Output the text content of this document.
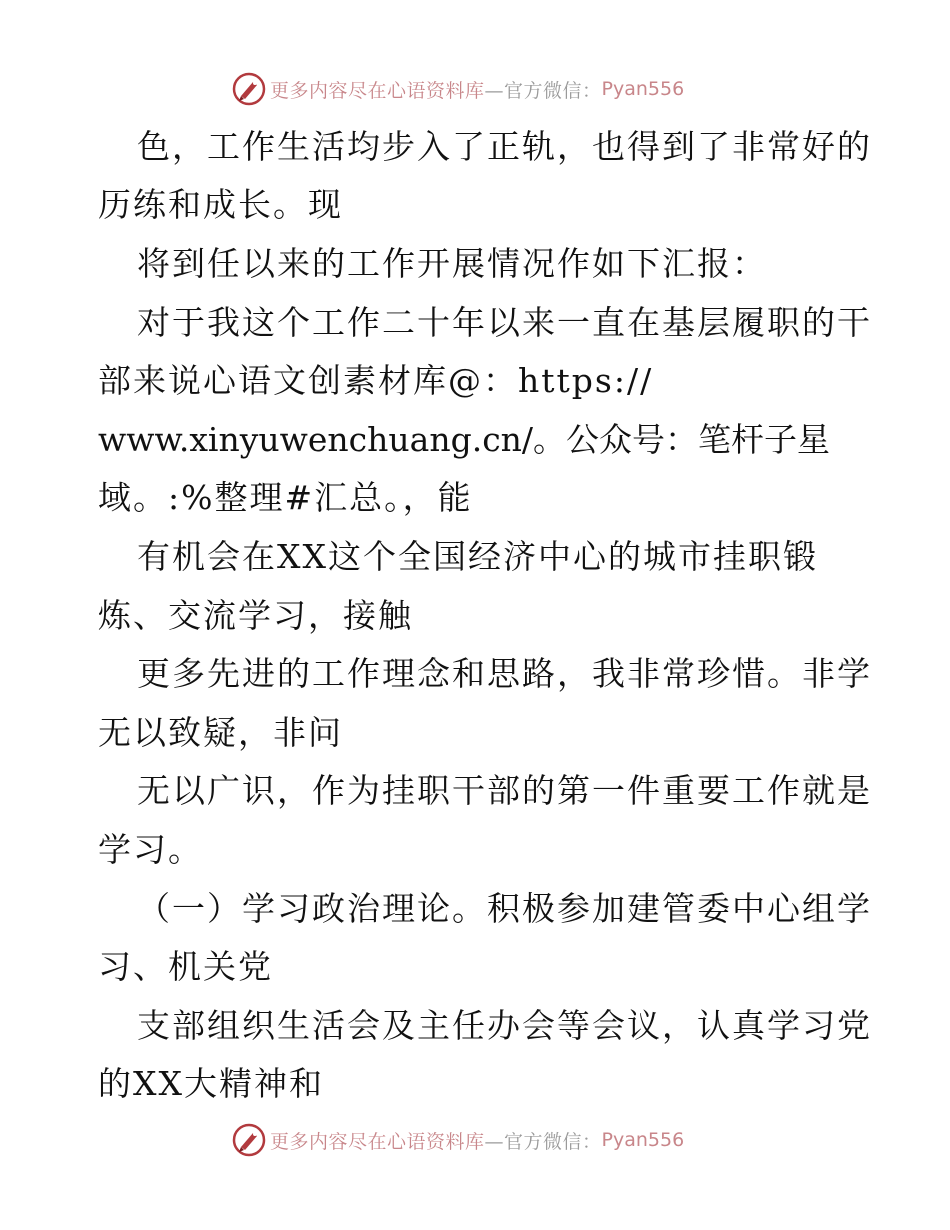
更多内容尽在心语资料库 —官方微信： Pyan556
色，工作生活均步入了正轨，也得到了非常好的
历练和成长。现
将到任以来的工作开展情况作如下汇报：
对于我这个工作二十年以来一直在基层履职的干
部来说心语文创素材库@：https://
www.xinyuwenchuang.cn/。公众号：笔杆子星
域。:%整理#汇总。，能
有机会在XX这个全国经济中心的城市挂职锻
炼、交流学习，接触
更多先进的工作理念和思路，我非常珍惜。非学
无以致疑，非问
无以广识，作为挂职干部的第一件重要工作就是
学习。
（一）学习政治理论。积极参加建管委中心组学
习、机关党
支部组织生活会及主任办会等会议，认真学习党
的XX大精神和
更多内容尽在心语资料库 —官方微信： Pyan556
